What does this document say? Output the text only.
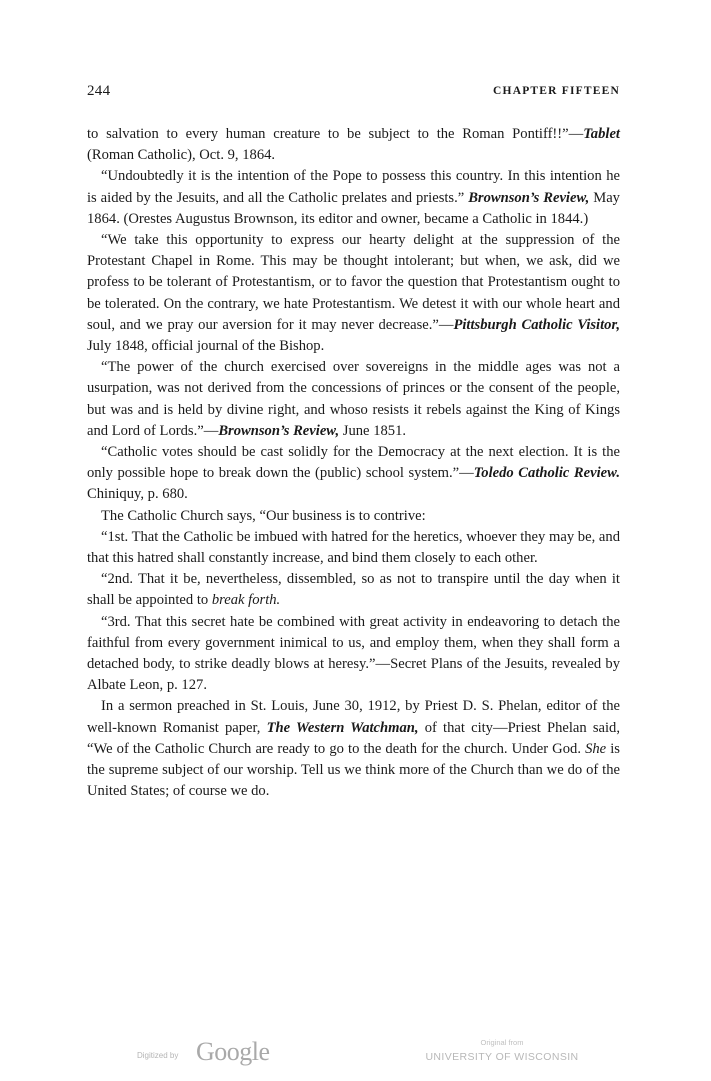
244	CHAPTER FIFTEEN

to salvation to every human creature to be subject to the Roman Pontiff!!”—Tablet (Roman Catholic), Oct. 9, 1864.

“Undoubtedly it is the intention of the Pope to possess this country. In this intention he is aided by the Jesuits, and all the Catholic prelates and priests.” Brownson’s Review, May 1864. (Orestes Augustus Brownson, its editor and owner, became a Catholic in 1844.)

“We take this opportunity to express our hearty delight at the suppression of the Protestant Chapel in Rome. This may be thought intolerant; but when, we ask, did we profess to be tolerant of Protestantism, or to favor the question that Protestantism ought to be tolerated. On the contrary, we hate Protestantism. We detest it with our whole heart and soul, and we pray our aversion for it may never decrease.”—Pittsburgh Catholic Visitor, July 1848, official journal of the Bishop.

“The power of the church exercised over sovereigns in the middle ages was not a usurpation, was not derived from the concessions of princes or the consent of the people, but was and is held by divine right, and whoso resists it rebels against the King of Kings and Lord of Lords.”—Brownson’s Review, June 1851.

“Catholic votes should be cast solidly for the Democracy at the next election. It is the only possible hope to break down the (public) school system.”—Toledo Catholic Review. Chiniquy, p. 680.

The Catholic Church says, “Our business is to contrive:

“1st. That the Catholic be imbued with hatred for the heretics, whoever they may be, and that this hatred shall constantly increase, and bind them closely to each other.

“2nd. That it be, nevertheless, dissembled, so as not to transpire until the day when it shall be appointed to break forth.

“3rd. That this secret hate be combined with great activity in endeavoring to detach the faithful from every government inimical to us, and employ them, when they shall form a detached body, to strike deadly blows at heresy.”—Secret Plans of the Jesuits, revealed by Albate Leon, p. 127.

In a sermon preached in St. Louis, June 30, 1912, by Priest D. S. Phelan, editor of the well-known Romanist paper, The Western Watchman, of that city—Priest Phelan said, “We of the Catholic Church are ready to go to the death for the church. Under God. She is the supreme subject of our worship. Tell us we think more of the Church than we do of the United States; of course we do.

Digitized by Google	Original from
UNIVERSITY OF WISCONSIN
